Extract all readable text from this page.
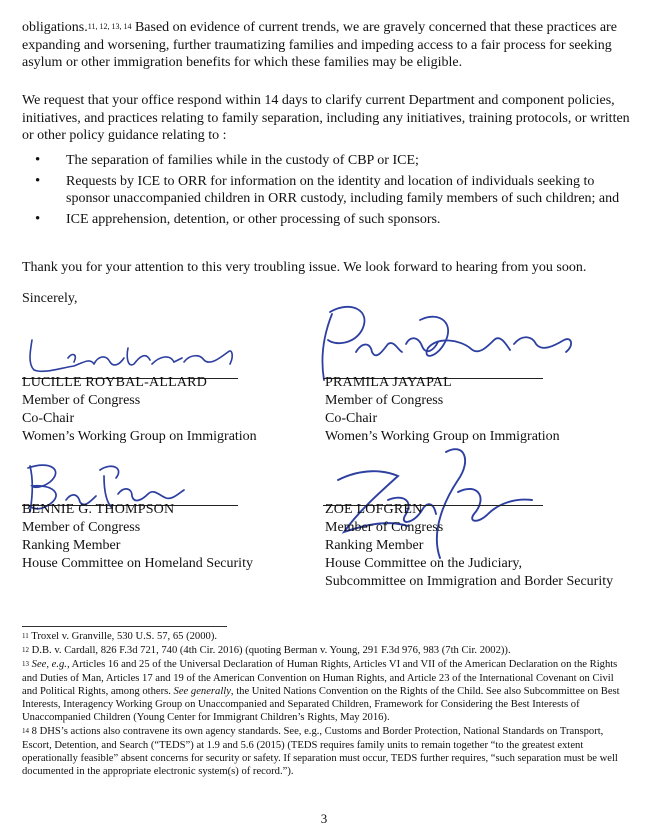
obligations.$^{11, 12, 13, 14}$ Based on evidence of current trends, we are gravely concerned that these practices are expanding and worsening, further traumatizing families and impeding access to a fair process for seeking asylum or other immigration benefits for which these families may be eligible.

We request that your office respond within 14 days to clarify current Department and component policies, initiatives, and practices relating to family separation, including any initiatives, training protocols, or written or other policy guidance relating to :

• The separation of families while in the custody of CBP or ICE;
• Requests by ICE to ORR for information on the identity and location of individuals seeking to sponsor unaccompanied children in ORR custody, including family members of such children; and
• ICE apprehension, detention, or other processing of such sponsors.

Thank you for your attention to this very troubling issue. We look forward to hearing from you soon.

Sincerely,

LUCILLE ROYBAL-ALLARD
Member of Congress
Co-Chair
Women’s Working Group on Immigration
PRAMILA JAYAPAL
Member of Congress
Co-Chair
Women’s Working Group on Immigration
BENNIE G. THOMPSON
Member of Congress
Ranking Member
House Committee on Homeland Security
ZOE LOFGREN
Member of Congress
Ranking Member
House Committee on the Judiciary,
Subcommittee on Immigration and Border Security

$^{11}$ Troxel v. Granville, 530 U.S. 57, 65 (2000).

$^{12}$ D.B. v. Cardall, 826 F.3d 721, 740 (4th Cir. 2016) (quoting Berman v. Young, 291 F.3d 976, 983 (7th Cir. 2002)).

$^{13}$ See, e.g., Articles 16 and 25 of the Universal Declaration of Human Rights, Articles VI and VII of the American Declaration on the Rights and Duties of Man, Articles 17 and 19 of the American Convention on Human Rights, and Article 23 of the International Covenant on Civil and Political Rights, among others. See generally, the United Nations Convention on the Rights of the Child. See also Subcommittee on Best Interests, Interagency Working Group on Unaccompanied and Separated Children, Framework for Considering the Best Interests of Unaccompanied Children (Young Center for Immigrant Children’s Rights, May 2016).

$^{14}$ 8 DHS’s actions also contravene its own agency standards. See, e.g., Customs and Border Protection, National Standards on Transport, Escort, Detention, and Search (“TEDS”) at 1.9 and 5.6 (2015) (TEDS requires family units to remain together “to the greatest extent operationally feasible” absent concerns for security or safety. If separation must occur, TEDS further requires, “such separation must be well documented in the appropriate electronic system(s) of record.”).

3
